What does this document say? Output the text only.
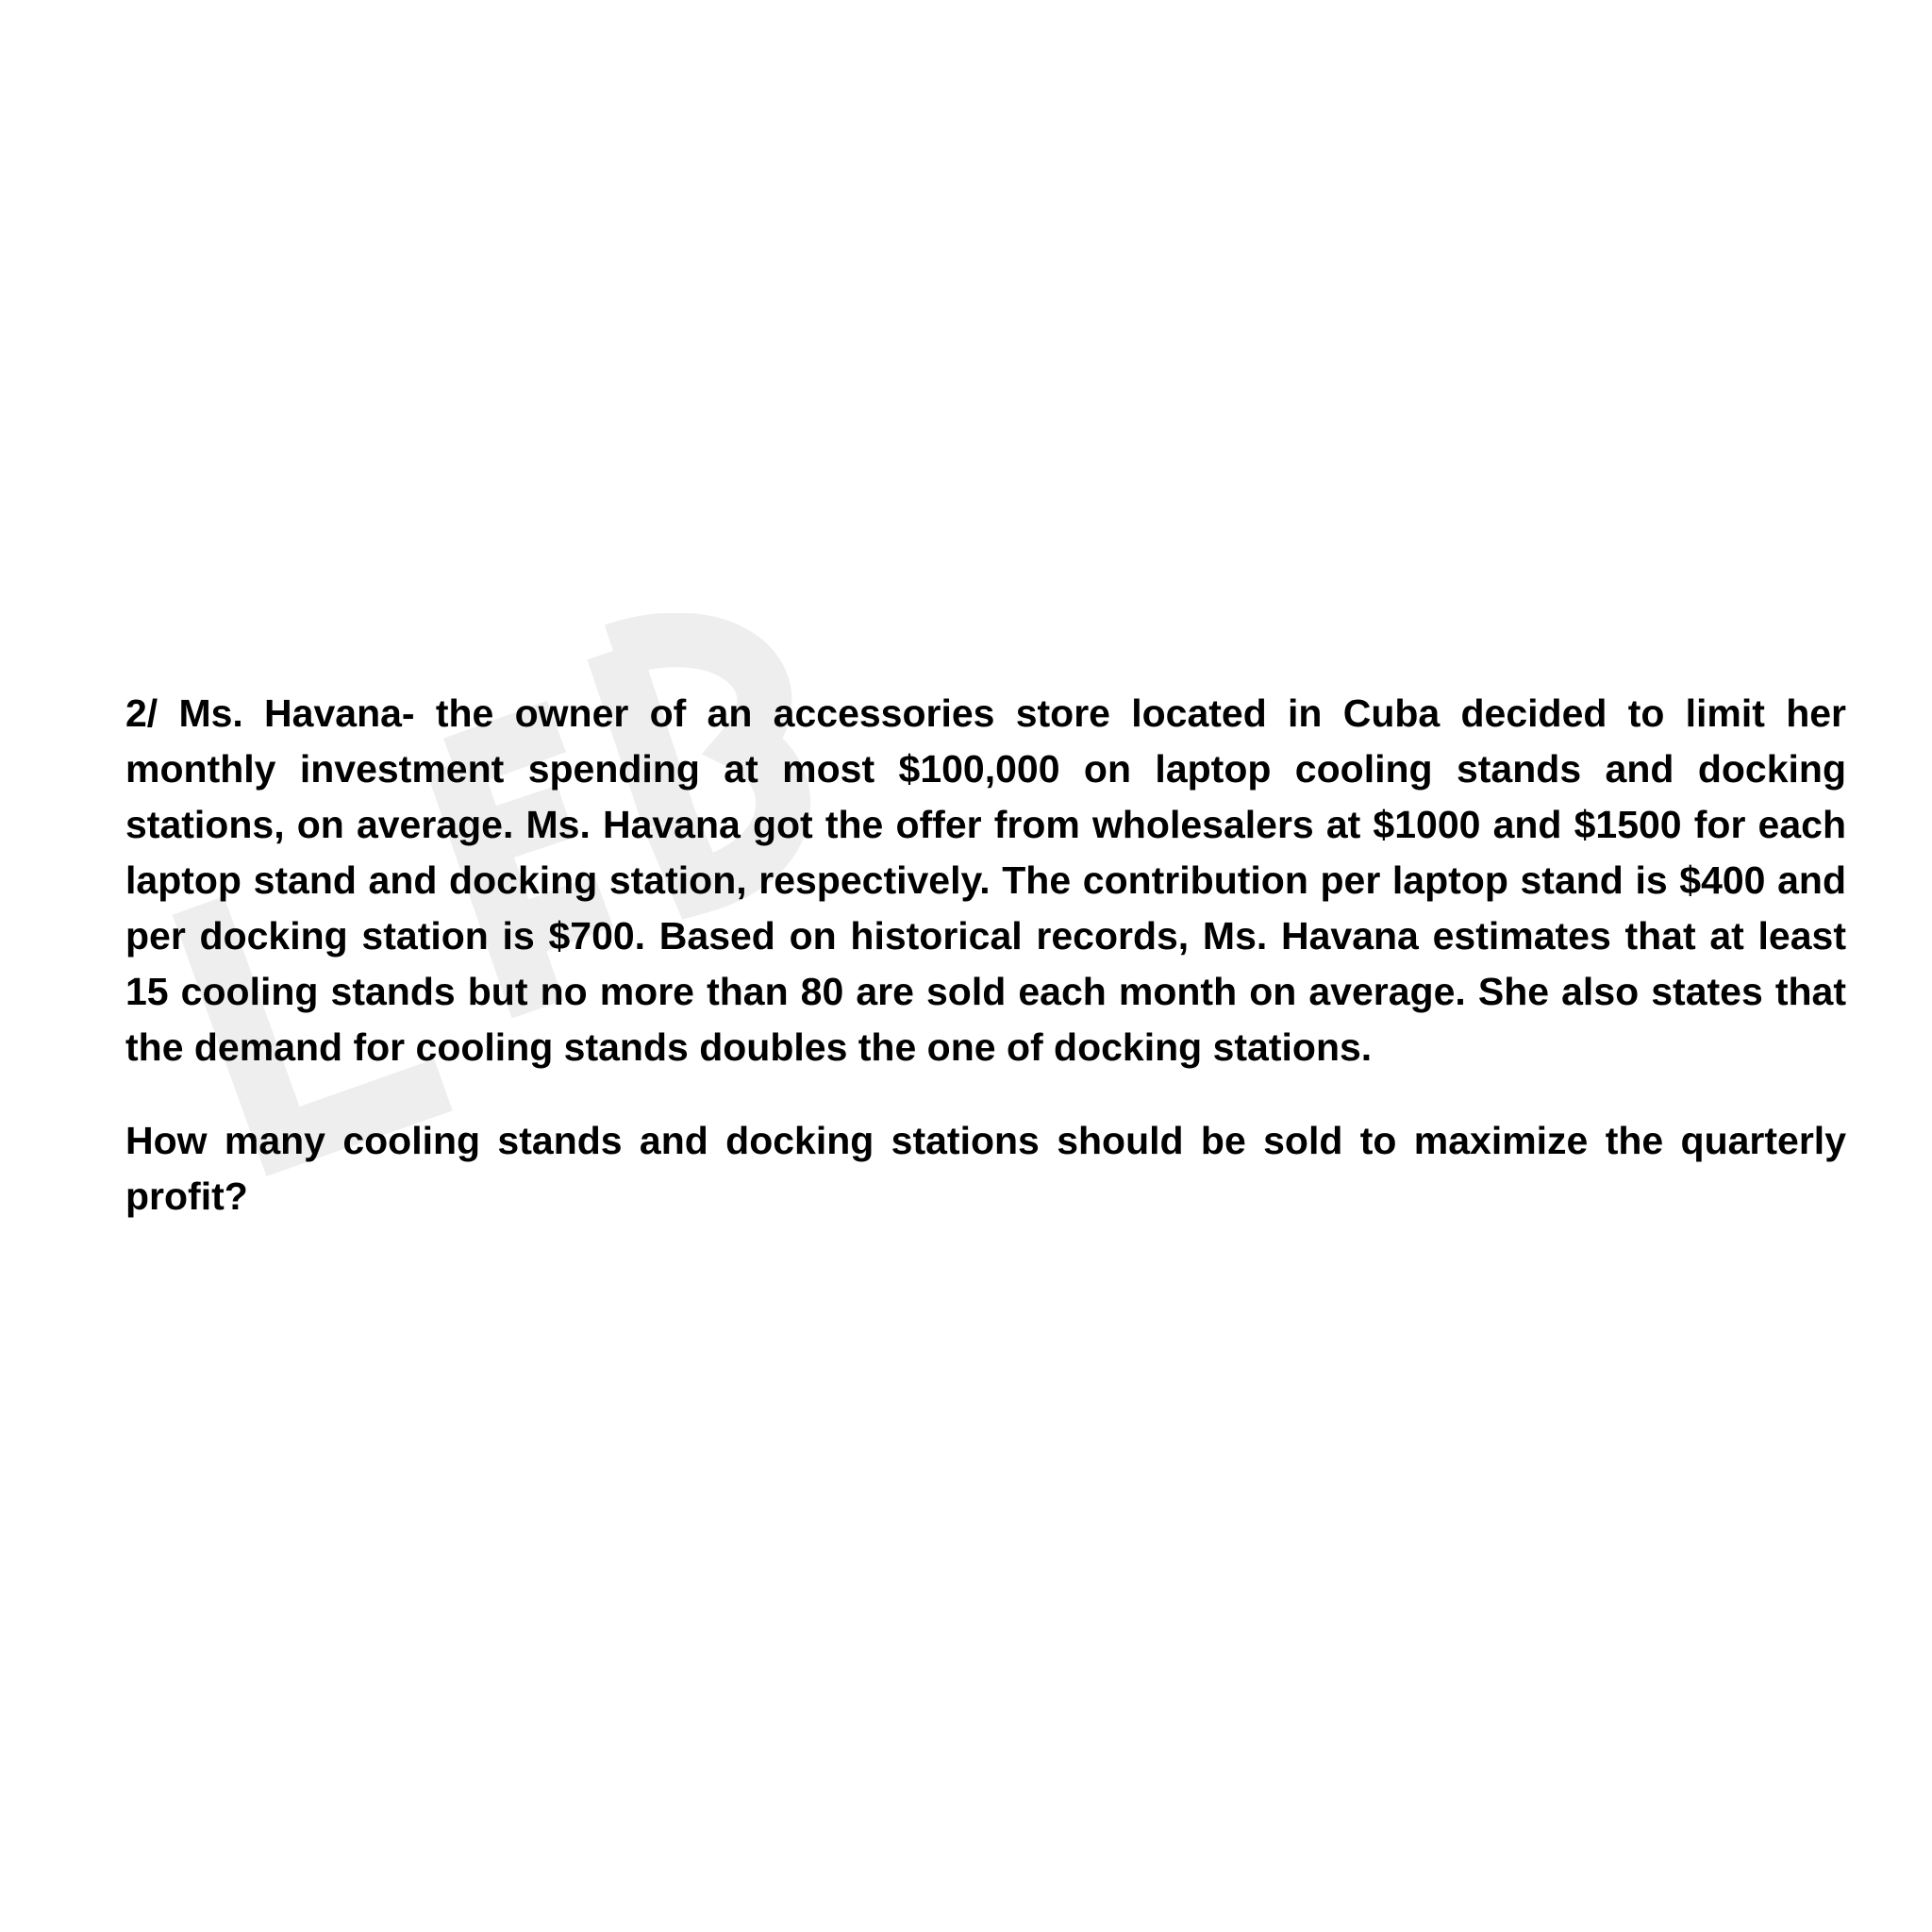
2/ Ms. Havana- the owner of an accessories store located in Cuba decided to limit her monthly investment spending at most $100,000 on laptop cooling stands and docking stations, on average. Ms. Havana got the offer from wholesalers at $1000 and $1500 for each laptop stand and docking station, respectively. The contribution per laptop stand is $400 and per docking station is $700. Based on historical records, Ms. Havana estimates that at least 15 cooling stands but no more than 80 are sold each month on average. She also states that the demand for cooling stands doubles the one of docking stations.

How many cooling stands and docking stations should be sold to maximize the quarterly profit?
